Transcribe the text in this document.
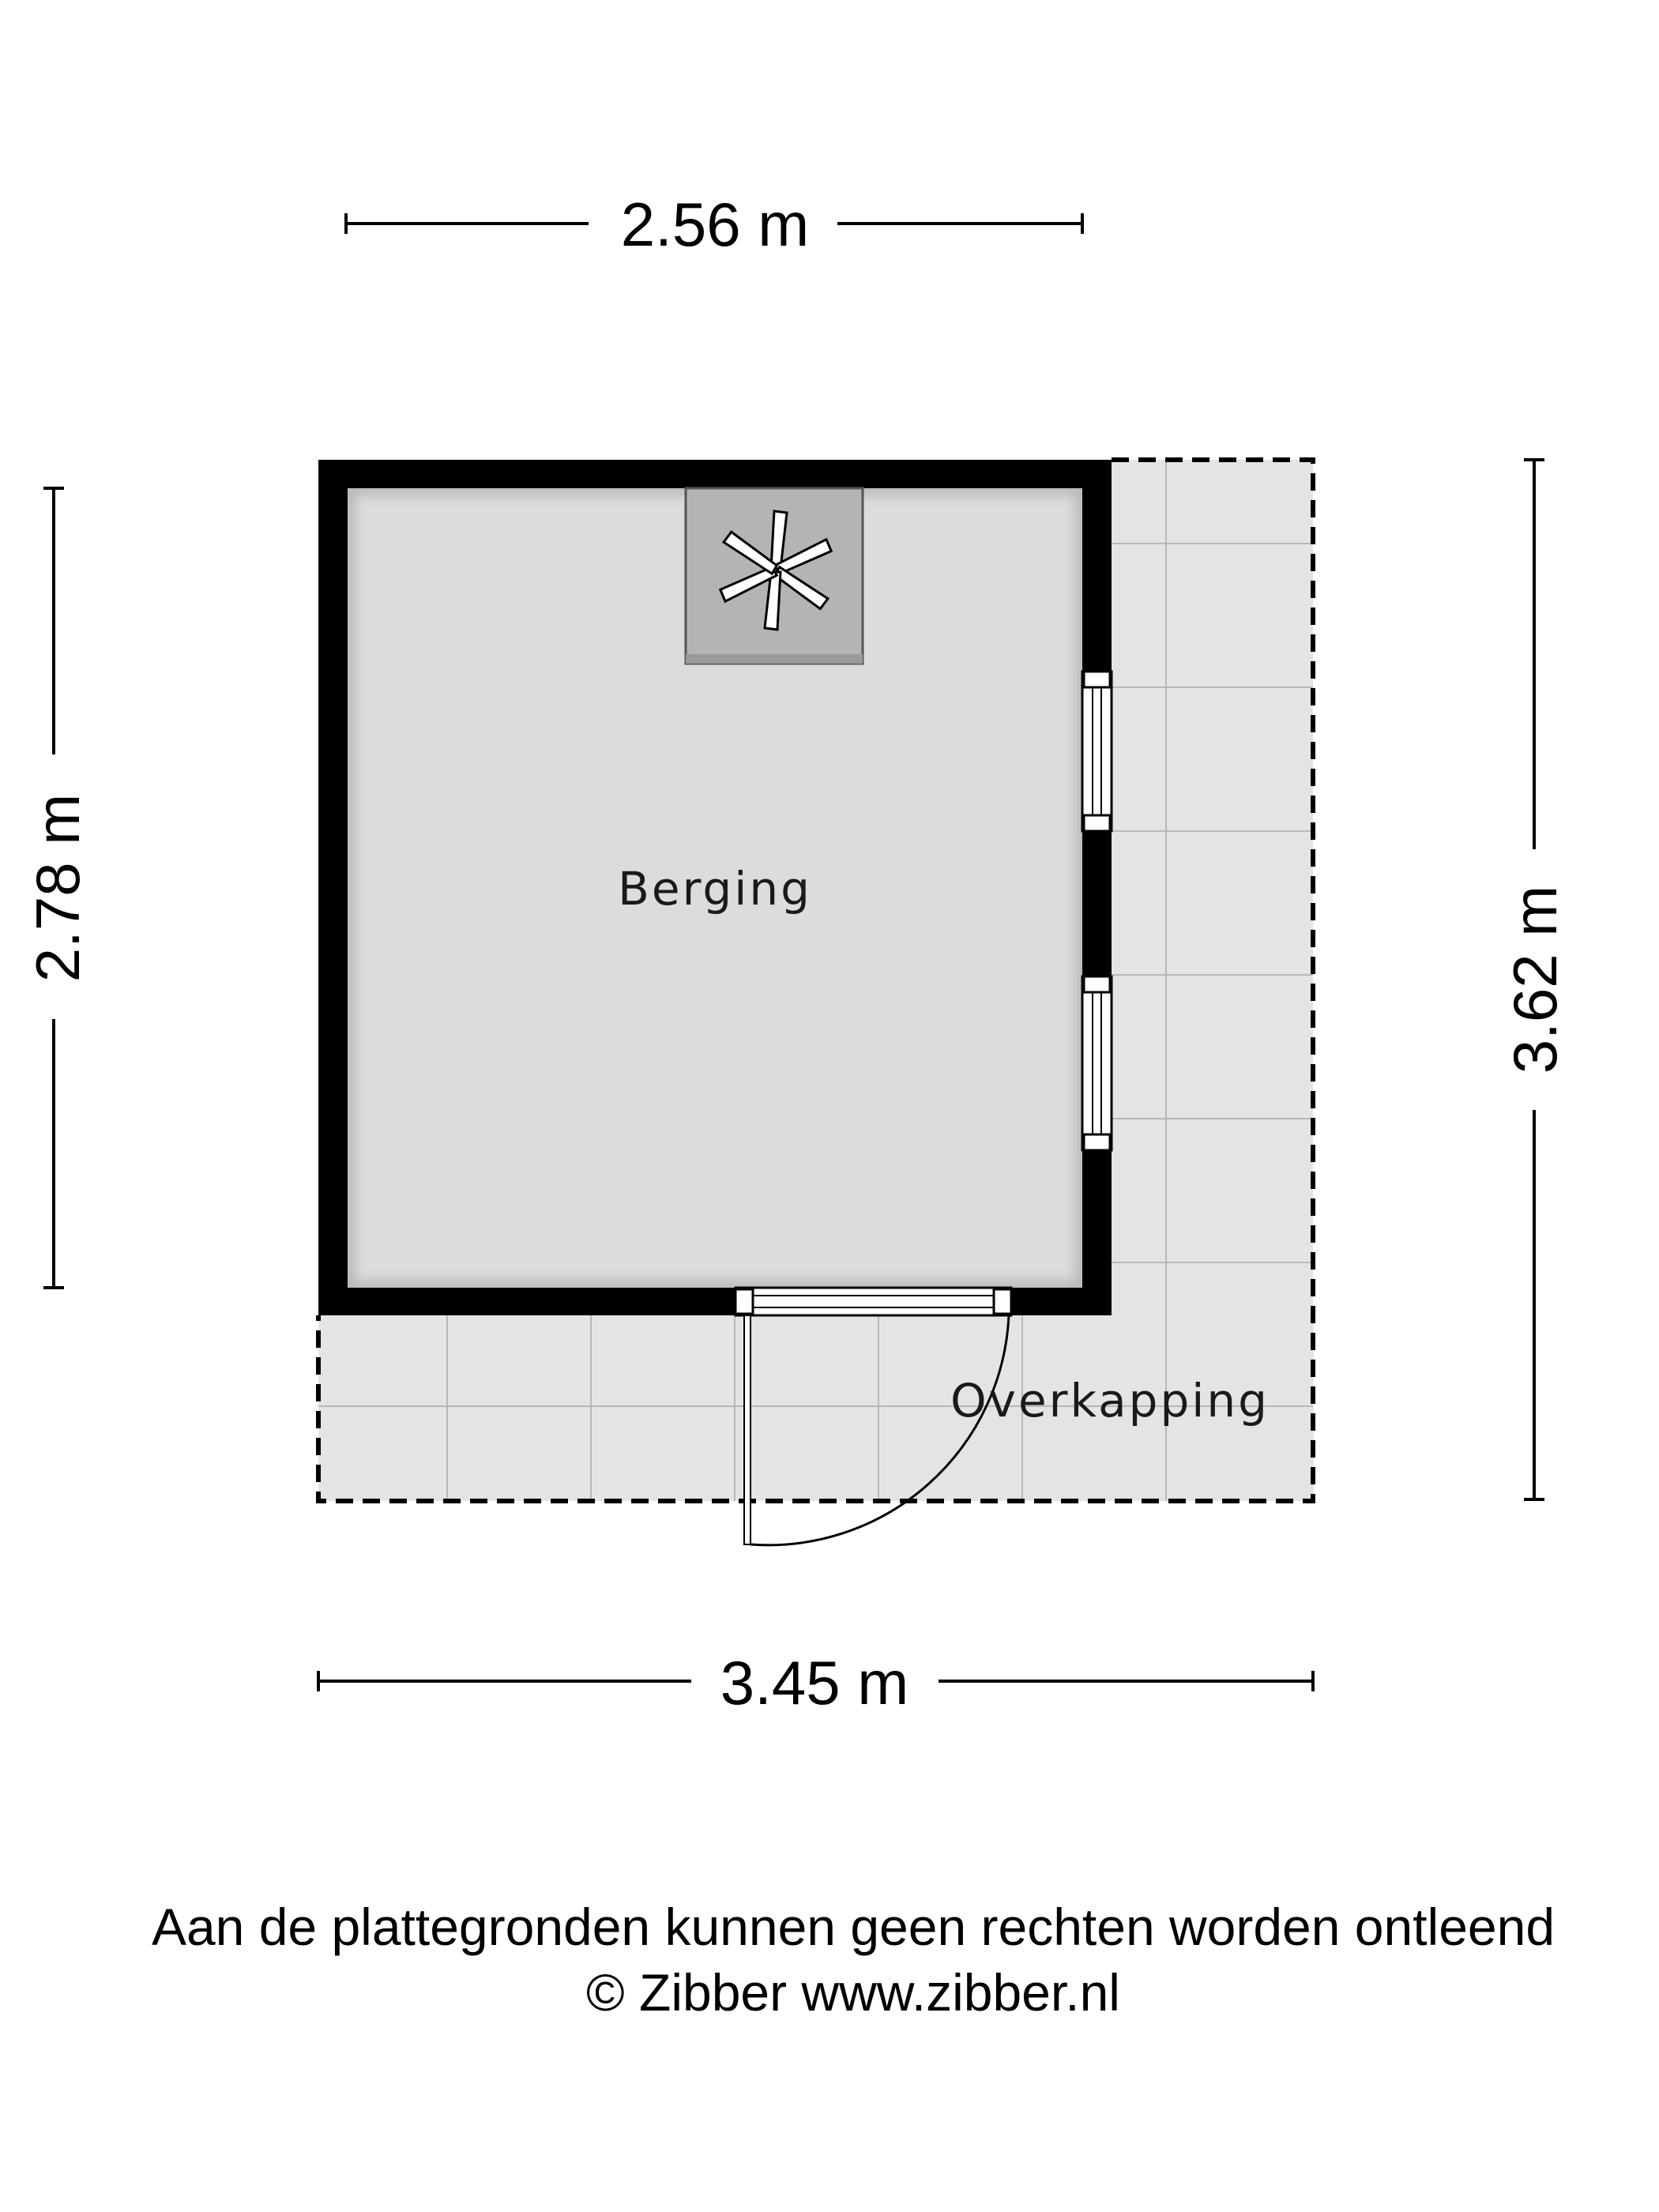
Berging
Overkapping
2.56 m
3.45 m
2.78 m	3.62 m
Aan de plattegronden kunnen geen rechten worden ontleend
© Zibber www.zibber.nl
